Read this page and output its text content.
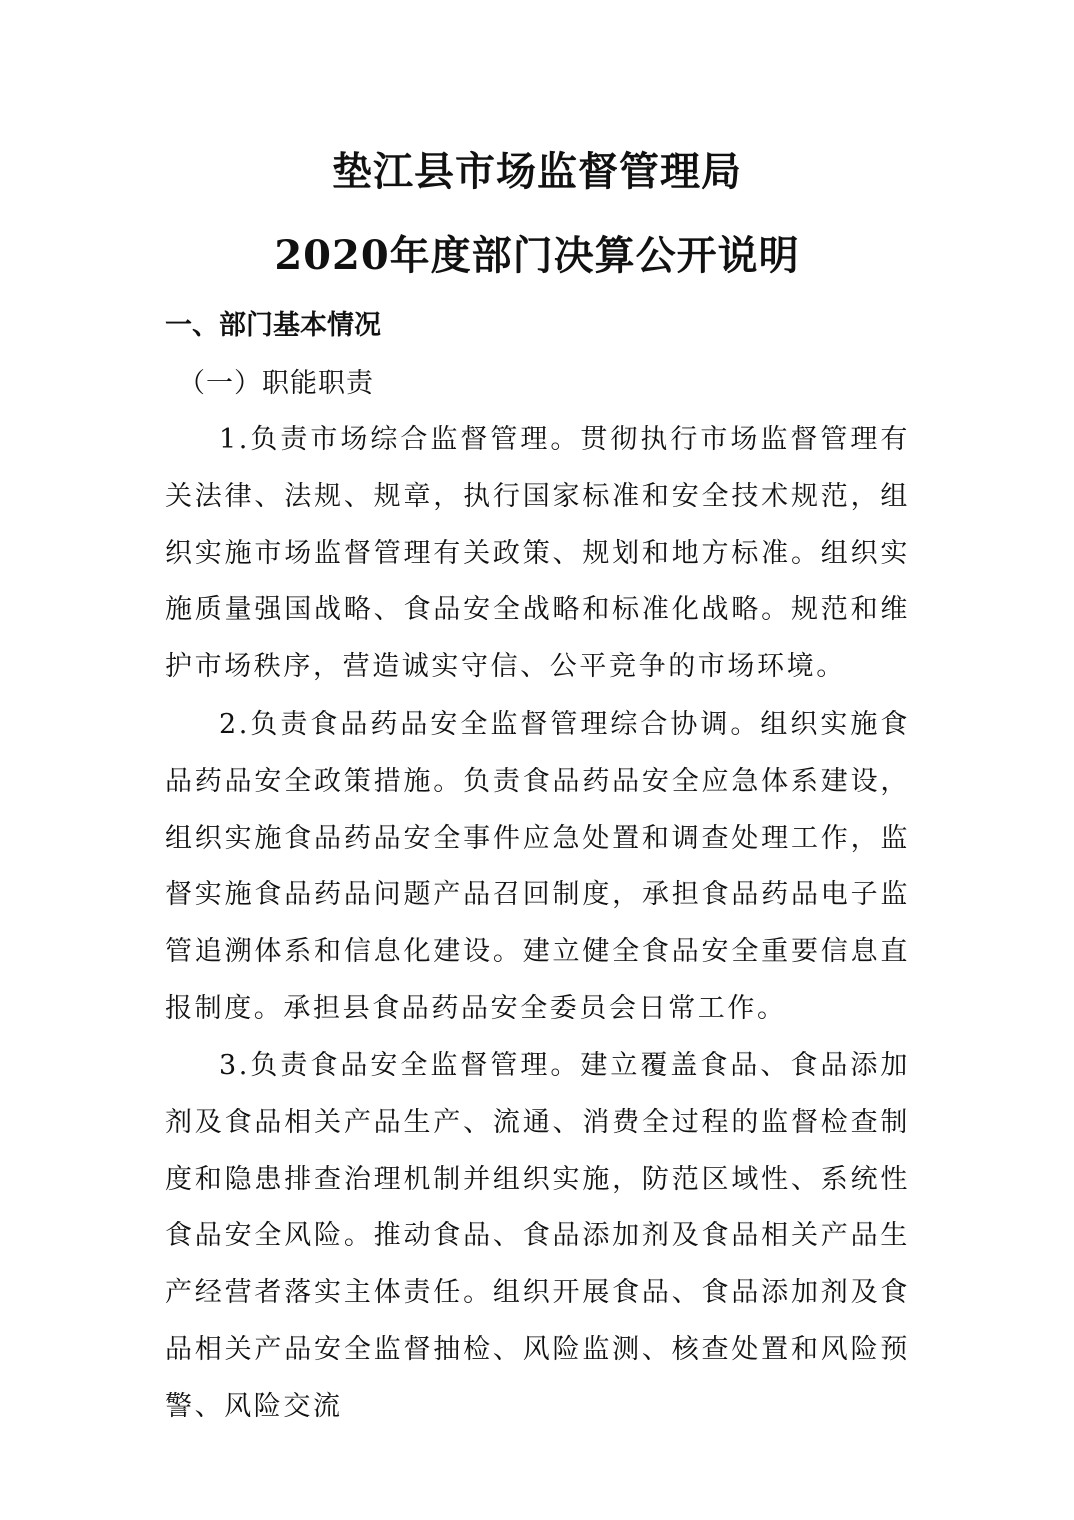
垫江县市场监督管理局
2020年度部门决算公开说明
一、部门基本情况
（一）职能职责

1.负责市场综合监督管理。贯彻执行市场监督管理有关法律、法规、规章，执行国家标准和安全技术规范，组织实施市场监督管理有关政策、规划和地方标准。组织实施质量强国战略、食品安全战略和标准化战略。规范和维护市场秩序，营造诚实守信、公平竞争的市场环境。

2.负责食品药品安全监督管理综合协调。组织实施食品药品安全政策措施。负责食品药品安全应急体系建设，组织实施食品药品安全事件应急处置和调查处理工作，监督实施食品药品问题产品召回制度，承担食品药品电子监管追溯体系和信息化建设。建立健全食品安全重要信息直报制度。承担县食品药品安全委员会日常工作。

3.负责食品安全监督管理。建立覆盖食品、食品添加剂及食品相关产品生产、流通、消费全过程的监督检查制度和隐患排查治理机制并组织实施，防范区域性、系统性食品安全风险。推动食品、食品添加剂及食品相关产品生产经营者落实主体责任。组织开展食品、食品添加剂及食品相关产品安全监督抽检、风险监测、核查处置和风险预警、风险交流
